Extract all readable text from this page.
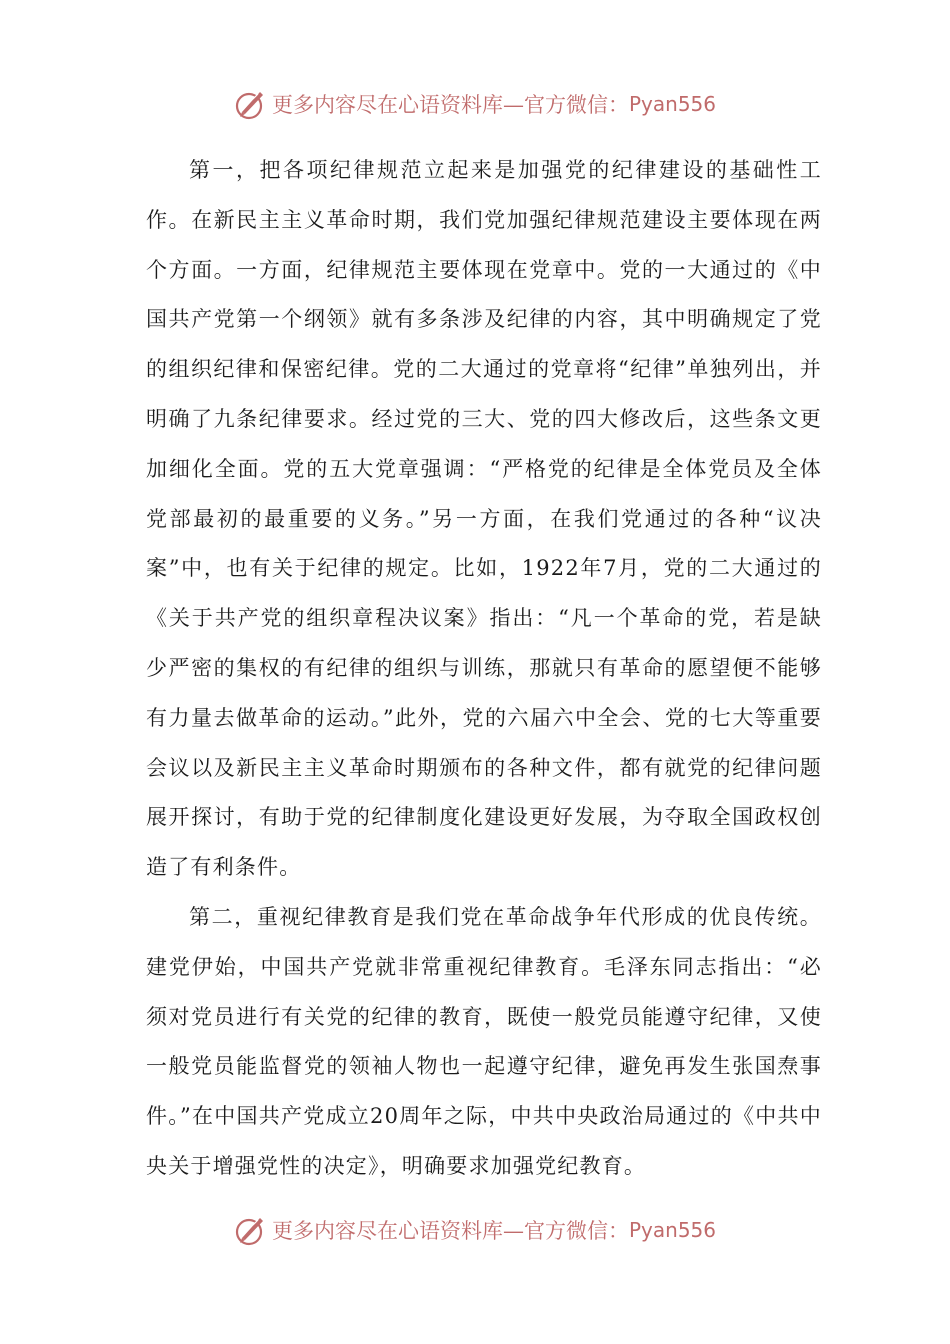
更多内容尽在心语资料库—官方微信： Pyan556

第一，把各项纪律规范立起来是加强党的纪律建设的基础性工作。在新民主主义革命时期，我们党加强纪律规范建设主要体现在两个方面。一方面，纪律规范主要体现在党章中。党的一大通过的《中国共产党第一个纲领》就有多条涉及纪律的内容，其中明确规定了党的组织纪律和保密纪律。党的二大通过的党章将“纪律”单独列出，并明确了九条纪律要求。经过党的三大、党的四大修改后，这些条文更加细化全面。党的五大党章强调：“严格党的纪律是全体党员及全体党部最初的最重要的义务。”另一方面，在我们党通过的各种“议决案”中，也有关于纪律的规定。比如，1922年7月，党的二大通过的《关于共产党的组织章程决议案》指出：“凡一个革命的党，若是缺少严密的集权的有纪律的组织与训练，那就只有革命的愿望便不能够有力量去做革命的运动。”此外，党的六届六中全会、党的七大等重要会议以及新民主主义革命时期颁布的各种文件，都有就党的纪律问题展开探讨，有助于党的纪律制度化建设更好发展，为夺取全国政权创造了有利条件。

第二，重视纪律教育是我们党在革命战争年代形成的优良传统。建党伊始，中国共产党就非常重视纪律教育。毛泽东同志指出：“必须对党员进行有关党的纪律的教育，既使一般党员能遵守纪律，又使一般党员能监督党的领袖人物也一起遵守纪律，避免再发生张国焘事件。”在中国共产党成立20周年之际，中共中央政治局通过的《中共中央关于增强党性的决定》，明确要求加强党纪教育。

更多内容尽在心语资料库—官方微信： Pyan556
